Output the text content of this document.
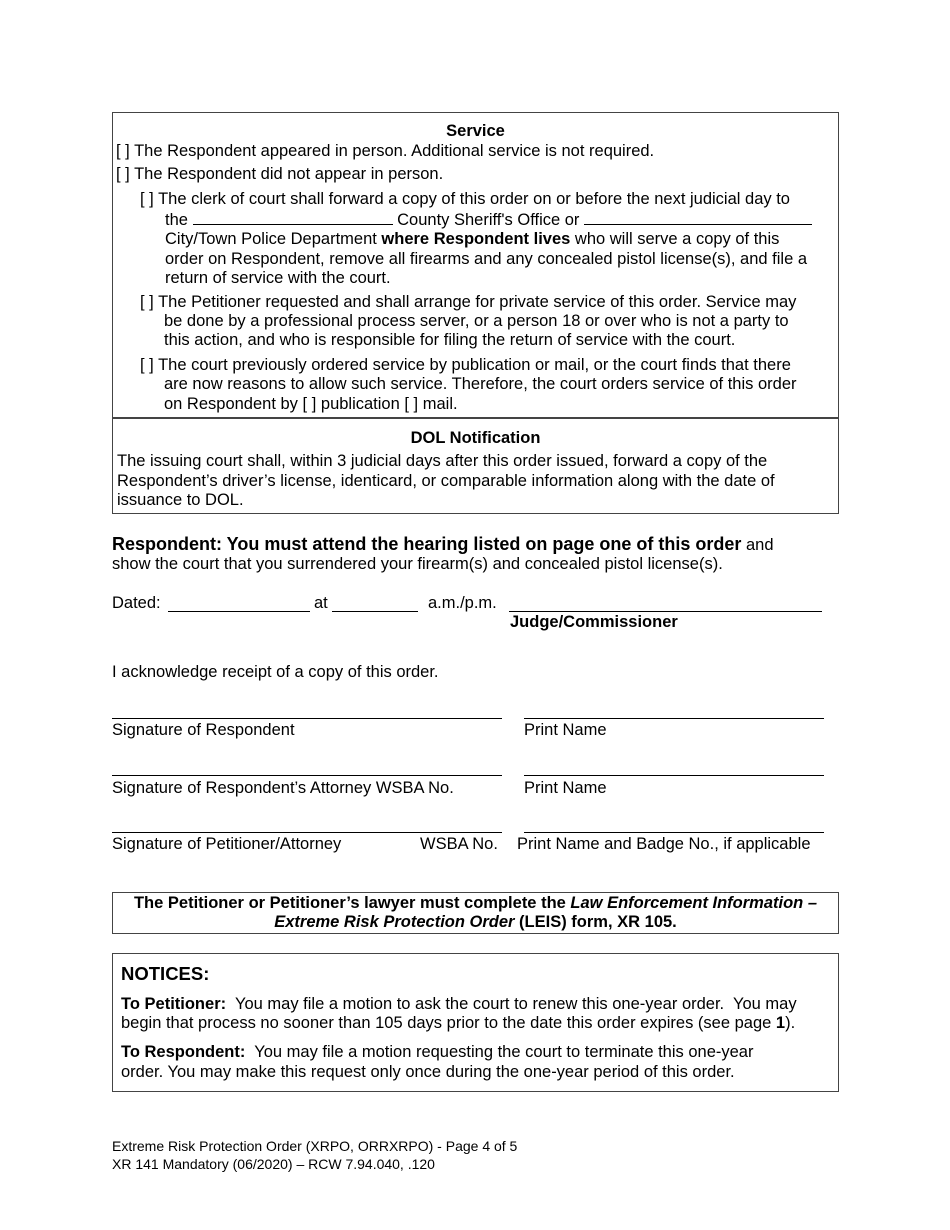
Service
[ ] The Respondent appeared in person. Additional service is not required.
[ ] The Respondent did not appear in person.
[ ] The clerk of court shall forward a copy of this order on or before the next judicial day to
the	County Sheriff's Office or
City/Town Police Department where Respondent lives who will serve a copy of this
order on Respondent, remove all firearms and any concealed pistol license(s), and file a
return of service with the court.
[ ] The Petitioner requested and shall arrange for private service of this order. Service may
be done by a professional process server, or a person 18 or over who is not a party to
this action, and who is responsible for filing the return of service with the court.
[ ] The court previously ordered service by publication or mail, or the court finds that there
are now reasons to allow such service. Therefore, the court orders service of this order
on Respondent by [ ] publication [ ] mail.
DOL Notification
The issuing court shall, within 3 judicial days after this order issued, forward a copy of the
Respondent’s driver’s license, identicard, or comparable information along with the date of
issuance to DOL.
Respondent: You must attend the hearing listed on page one of this order and
show the court that you surrendered your firearm(s) and concealed pistol license(s).
Dated:	at	a.m./p.m.
Judge/Commissioner
I acknowledge receipt of a copy of this order.
Signature of Respondent	Print Name
Signature of Respondent’s Attorney WSBA No.	Print Name
Signature of Petitioner/Attorney	WSBA No. Print Name and Badge No., if applicable
The Petitioner or Petitioner’s lawyer must complete the Law Enforcement Information –
Extreme Risk Protection Order (LEIS) form, XR 105.
NOTICES:
To Petitioner:  You may file a motion to ask the court to renew this one-year order.  You may
begin that process no sooner than 105 days prior to the date this order expires (see page 1).
To Respondent:  You may file a motion requesting the court to terminate this one-year
order. You may make this request only once during the one-year period of this order.
Extreme Risk Protection Order (XRPO, ORRXRPO) - Page 4 of 5
XR 141 Mandatory (06/2020) – RCW 7.94.040, .120
